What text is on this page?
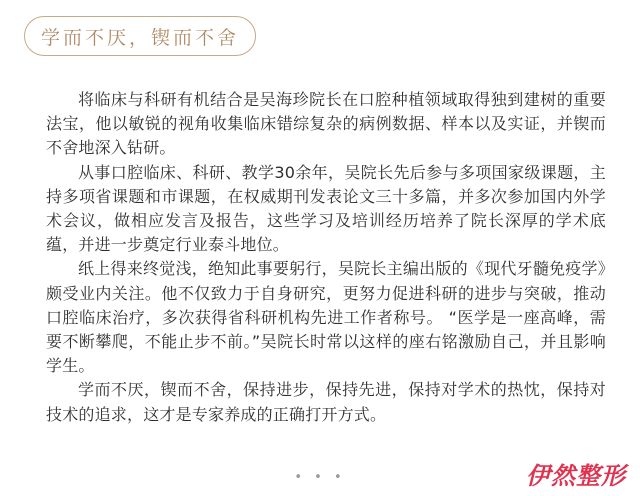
学而不厌，锲而不舍

将临床与科研有机结合是吴海珍院长在口腔种植领域取得独到建树的重要法宝，他以敏锐的视角收集临床错综复杂的病例数据、样本以及实证，并锲而不舍地深入钻研。

从事口腔临床、科研、教学30余年，吴院长先后参与多项国家级课题，主持多项省课题和市课题，在权威期刊发表论文三十多篇，并多次参加国内外学术会议，做相应发言及报告，这些学习及培训经历培养了院长深厚的学术底蕴，并进一步奠定行业泰斗地位。

纸上得来终觉浅，绝知此事要躬行，吴院长主编出版的《现代牙髓免疫学》颇受业内关注。他不仅致力于自身研究，更努力促进科研的进步与突破，推动口腔临床治疗，多次获得省科研机构先进工作者称号。 “医学是一座高峰，需要不断攀爬，不能止步不前。”吴院长时常以这样的座右铭激励自己，并且影响学生。

学而不厌，锲而不舍，保持进步，保持先进，保持对学术的热忱，保持对技术的追求，这才是专家养成的正确打开方式。

• • •	伊然整形
